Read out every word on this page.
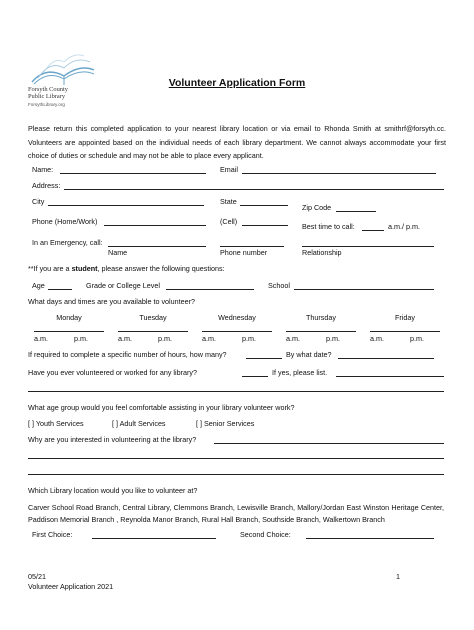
Forsyth County
Public Library
ForsythLibrary.org
Volunteer Application Form
Please return this completed application to your nearest library location or via email to Rhonda Smith at smithrf@forsyth.cc. Volunteers are appointed based on the individual needs of each library department. We cannot always accommodate your first choice of duties or schedule and may not be able to place every applicant.
Name:	Email
Address:
City	State
Zip Code
Phone (Home/Work)	(Cell)
Best time to call:	a.m./ p.m.
In an Emergency, call:
Name	Phone number	Relationship
**If you are a student, please answer the following questions:
Age	Grade or College Level	School
What days and times are you available to volunteer?
Monday	Tuesday	Wednesday	Thursday	Friday
a.m.	p.m.	a.m.	p.m.	a.m.	p.m.	a.m.	p.m.	a.m.	p.m.
If required to complete a specific number of hours, how many?	By what date?
Have you ever volunteered or worked for any library?	If yes, please list.
What age group would you feel comfortable assisting in your library volunteer work?
[ ] Youth Services	[ ] Adult Services	[ ] Senior Services
Why are you interested in volunteering at the library?
Which Library location would you like to volunteer at?
Carver School Road Branch, Central Library, Clemmons Branch, Lewisville Branch, Mallory/Jordan East Winston Heritage Center, Paddison Memorial Branch , Reynolda Manor Branch, Rural Hall Branch, Southside Branch, Walkertown Branch
First Choice:	Second Choice:
05/21	1
Volunteer Application 2021
